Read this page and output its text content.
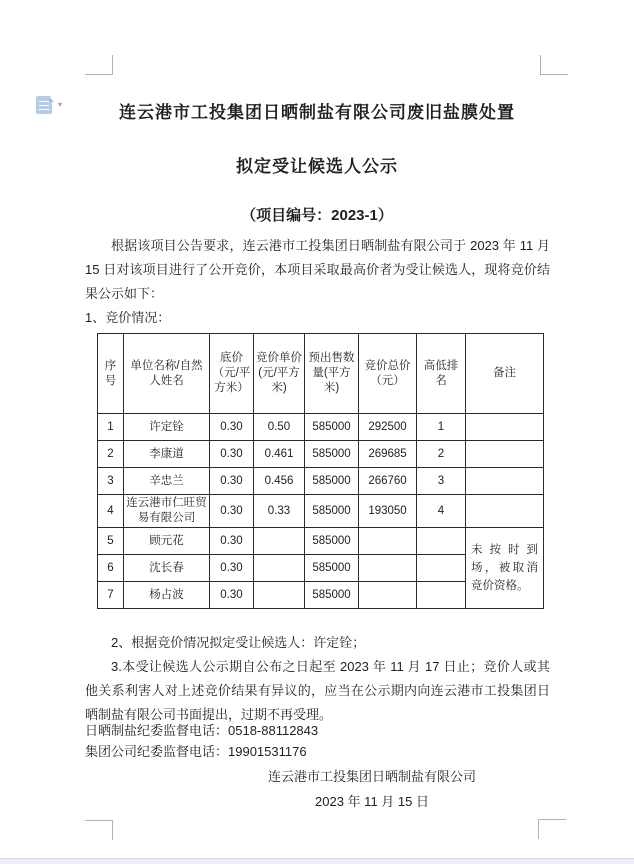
▾	连云港市工投集团日晒制盐有限公司废旧盐膜处置
拟定受让候选人公示
（项目编号：2023-1）
根据该项目公告要求，连云港市工投集团日晒制盐有限公司于 2023 年 11 月 15 日对该项目进行了公开竞价，本项目采取最高价者为受让候选人，现将竞价结果公示如下：
1、竞价情况：
序号	单位名称/自然人姓名	底价（元/平方米）	竞价单价(元/平方米)	预出售数量(平方米)	竞价总价（元）	高低排名	备注
1	许定铨	0.30	0.50	585000	292500	1	
2	李康道	0.30	0.461	585000	269685	2	
3	辛忠兰	0.30	0.456	585000	266760	3	
4	连云港市仁旺贸易有限公司	0.30	0.33	585000	193050	4	
5	顾元花	0.30		585000			未按时到场，被取消竞价资格。
6	沈长春	0.30		585000			
7	杨占波	0.30		585000			
2、根据竞价情况拟定受让候选人：许定铨；
3.本受让候选人公示期自公布之日起至 2023 年 11 月 17 日止；竞价人或其他关系利害人对上述竞价结果有异议的，应当在公示期内向连云港市工投集团日晒制盐有限公司书面提出，过期不再受理。
日晒制盐纪委监督电话：0518-88112843
集团公司纪委监督电话：19901531176
连云港市工投集团日晒制盐有限公司
2023 年 11 月 15 日
